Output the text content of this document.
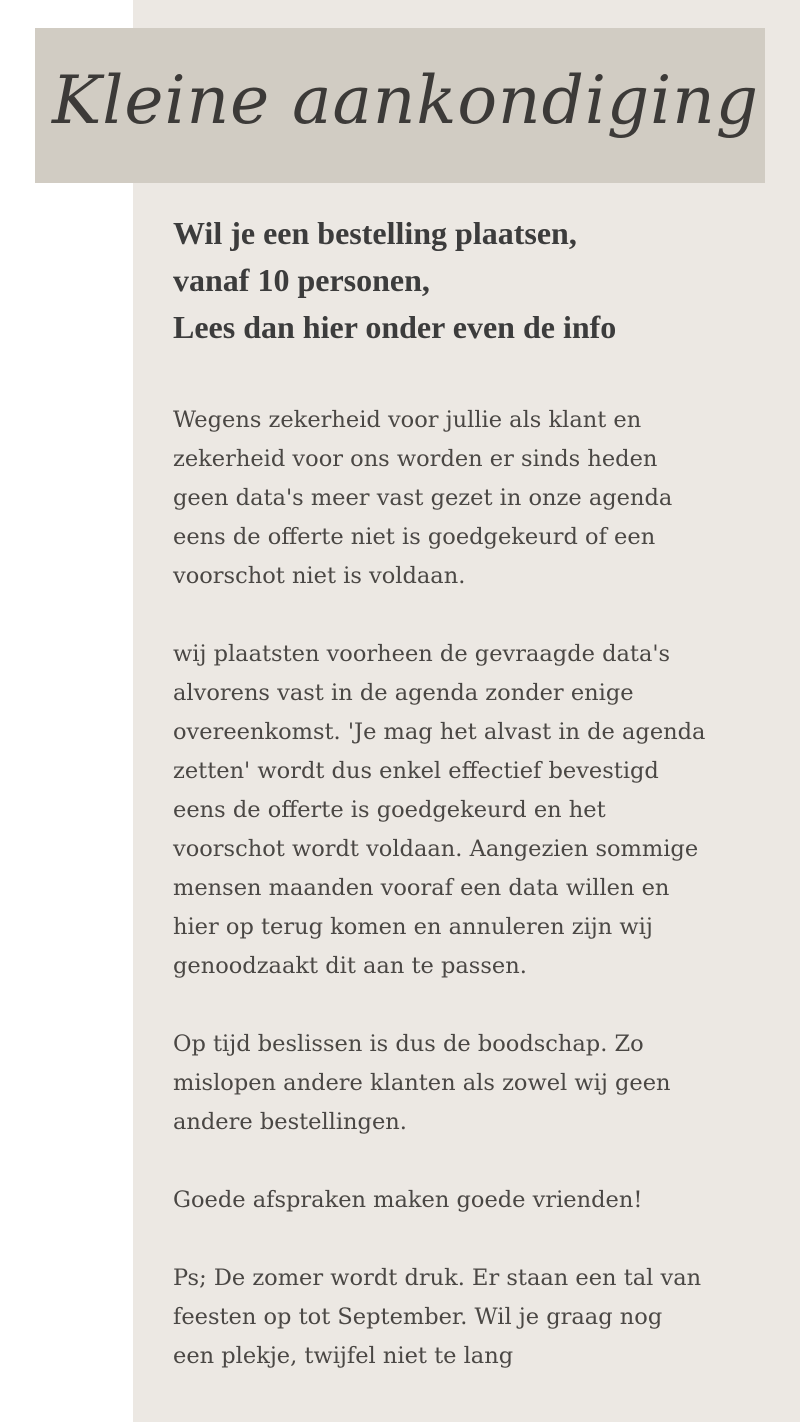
Kleine aankondiging
Wil je een bestelling plaatsen,
vanaf 10 personen,
Lees dan hier onder even de info

Wegens zekerheid voor jullie als klant en
zekerheid voor ons worden er sinds heden
geen data's meer vast gezet in onze agenda
eens de offerte niet is goedgekeurd of een
voorschot niet is voldaan.

wij plaatsten voorheen de gevraagde data's
alvorens vast in de agenda zonder enige
overeenkomst. 'Je mag het alvast in de agenda
zetten' wordt dus enkel effectief bevestigd
eens de offerte is goedgekeurd en het
voorschot wordt voldaan. Aangezien sommige
mensen maanden vooraf een data willen en
hier op terug komen en annuleren zijn wij
genoodzaakt dit aan te passen.

Op tijd beslissen is dus de boodschap. Zo
mislopen andere klanten als zowel wij geen
andere bestellingen.

Goede afspraken maken goede vrienden!

Ps; De zomer wordt druk. Er staan een tal van
feesten op tot September. Wil je graag nog
een plekje, twijfel niet te lang
